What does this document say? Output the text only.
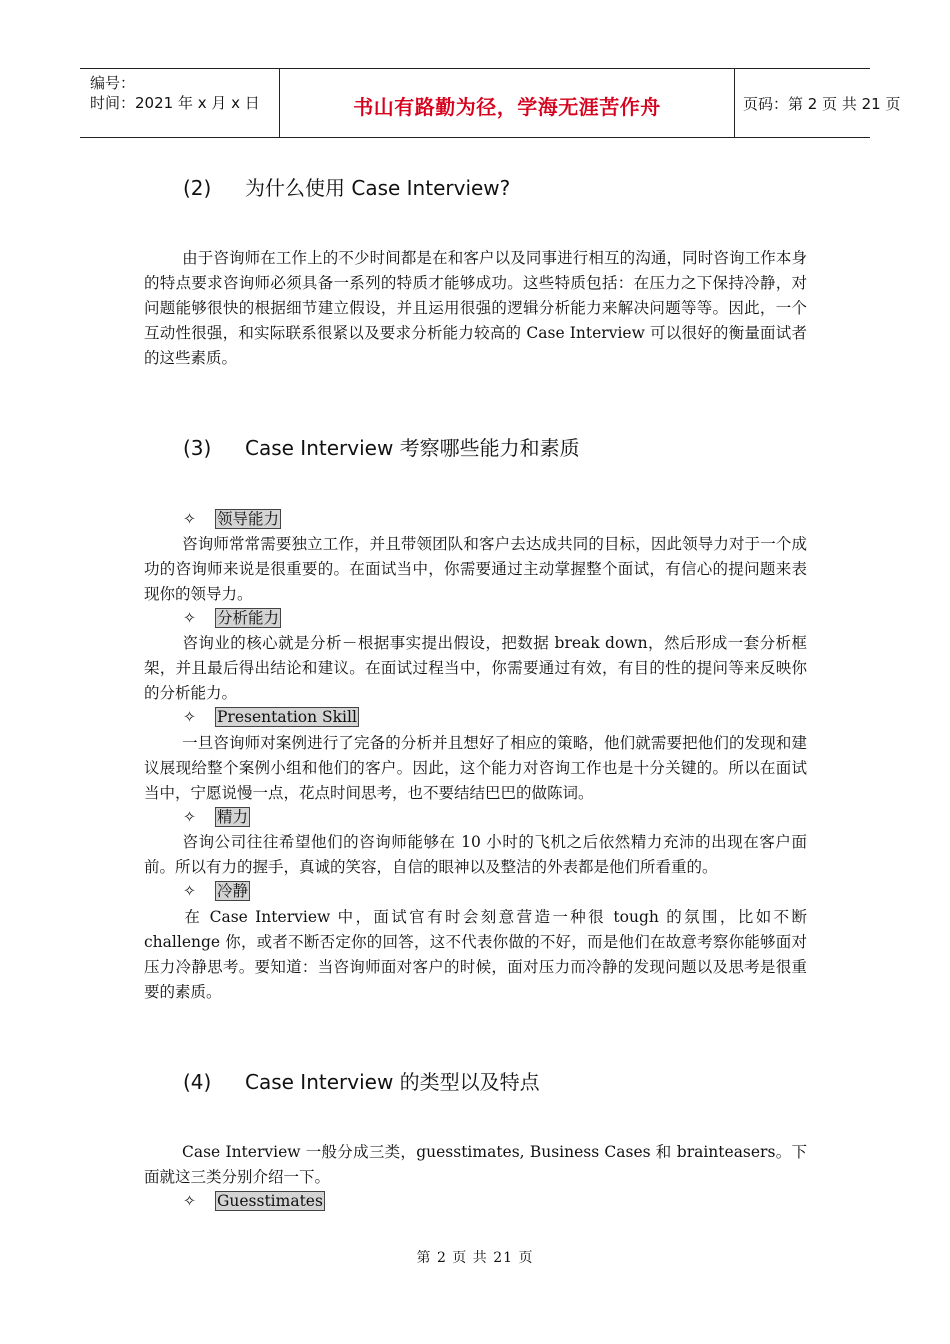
编号：
时间：2021 年 x 月 x 日	书山有路勤为径，学海无涯苦作舟	页码：第 2 页 共 21 页
(2) 为什么使用 Case Interview?
由于咨询师在工作上的不少时间都是在和客户以及同事进行相互的沟通，同时咨询工作本身的特点要求咨询师必须具备一系列的特质才能够成功。这些特质包括：在压力之下保持冷静，对问题能够很快的根据细节建立假设，并且运用很强的逻辑分析能力来解决问题等等。因此，一个互动性很强，和实际联系很紧以及要求分析能力较高的 Case Interview 可以很好的衡量面试者的这些素质。
(3) Case Interview 考察哪些能力和素质
✧ 领导能力
咨询师常常需要独立工作，并且带领团队和客户去达成共同的目标，因此领导力对于一个成功的咨询师来说是很重要的。在面试当中，你需要通过主动掌握整个面试，有信心的提问题来表现你的领导力。
✧ 分析能力
咨询业的核心就是分析－根据事实提出假设，把数据 break down，然后形成一套分析框架，并且最后得出结论和建议。在面试过程当中，你需要通过有效，有目的性的提问等来反映你的分析能力。
✧ Presentation Skill
一旦咨询师对案例进行了完备的分析并且想好了相应的策略，他们就需要把他们的发现和建议展现给整个案例小组和他们的客户。因此，这个能力对咨询工作也是十分关键的。所以在面试当中，宁愿说慢一点，花点时间思考，也不要结结巴巴的做陈词。
✧ 精力
咨询公司往往希望他们的咨询师能够在 10 小时的飞机之后依然精力充沛的出现在客户面前。所以有力的握手，真诚的笑容，自信的眼神以及整洁的外表都是他们所看重的。
✧ 冷静
在 Case Interview 中，面试官有时会刻意营造一种很 tough 的氛围，比如不断 challenge 你，或者不断否定你的回答，这不代表你做的不好，而是他们在故意考察你能够面对压力冷静思考。要知道：当咨询师面对客户的时候，面对压力而冷静的发现问题以及思考是很重要的素质。
(4) Case Interview 的类型以及特点
Case Interview 一般分成三类，guesstimates, Business Cases 和 brainteasers。下面就这三类分别介绍一下。
✧ Guesstimates
第 2 页 共 21 页
